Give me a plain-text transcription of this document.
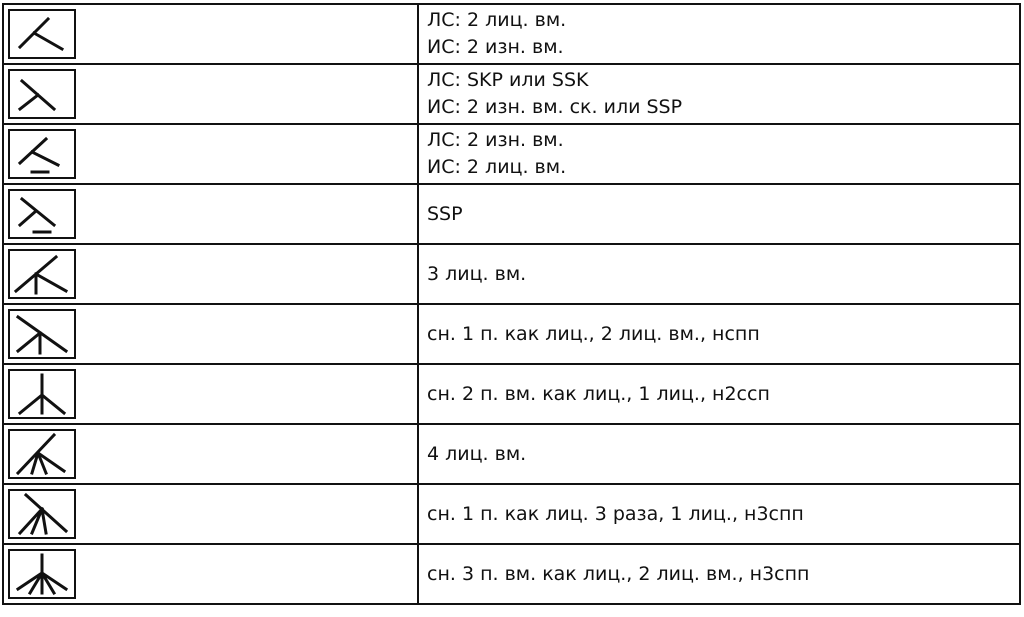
ЛС: 2 лиц. вм.
ИС: 2 изн. вм.

ЛС: SKP или SSK
ИС: 2 изн. вм. ск. или SSP

ЛС: 2 изн. вм.
ИС: 2 лиц. вм.

SSP

3 лиц. вм.

сн. 1 п. как лиц., 2 лиц. вм., нспп

сн. 2 п. вм. как лиц., 1 лиц., н2ссп

4 лиц. вм.

сн. 1 п. как лиц. 3 раза, 1 лиц., н3спп

сн. 3 п. вм. как лиц., 2 лиц. вм., н3спп
